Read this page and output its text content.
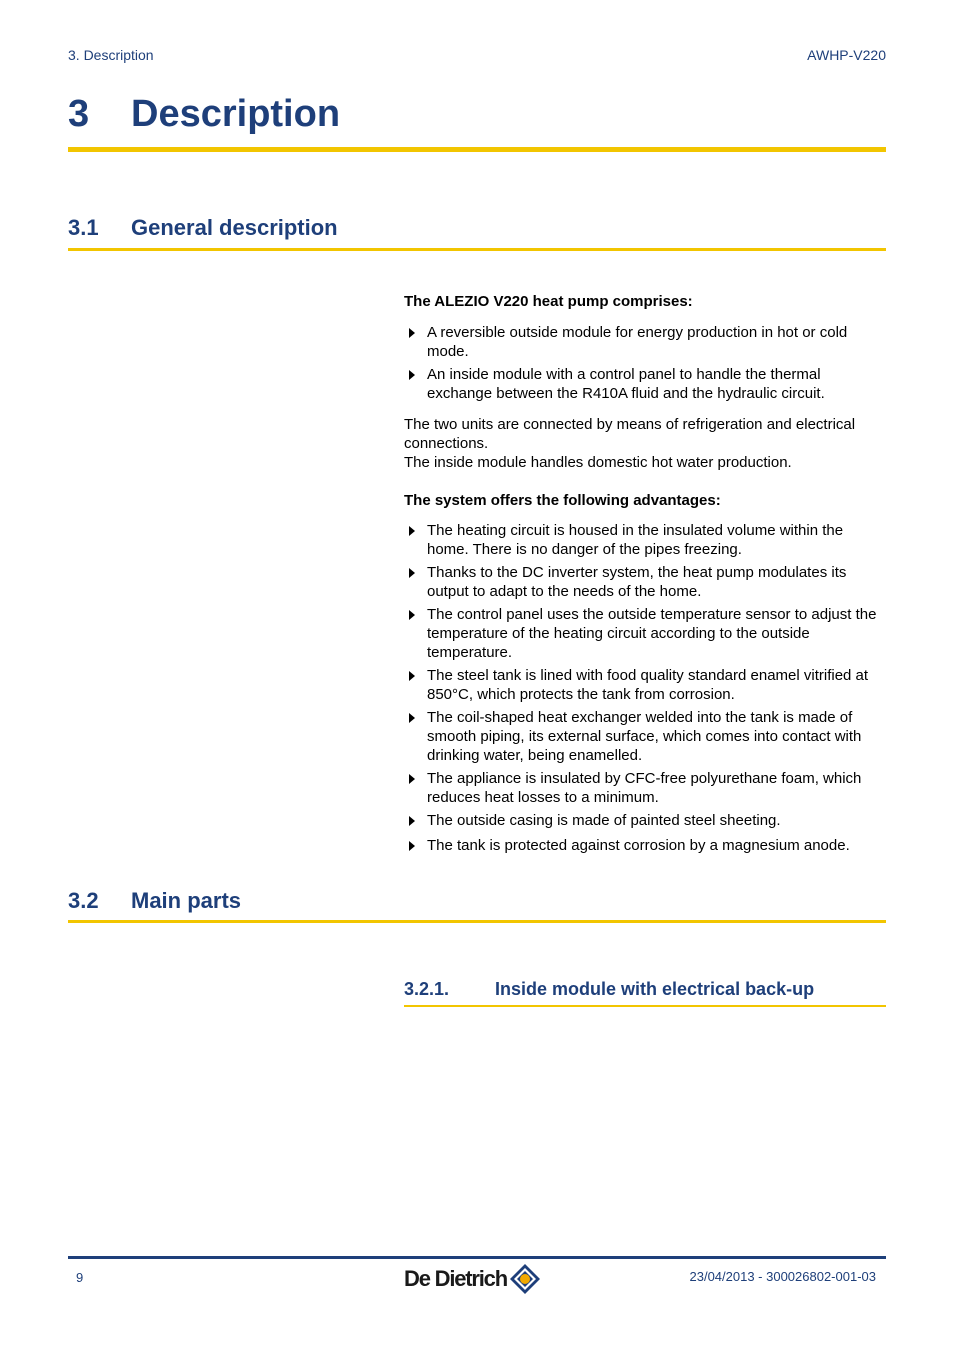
3. Description	AWHP-V220
3 Description
3.1 General description

The ALEZIO V220 heat pump comprises:

A reversible outside module for energy production in hot or cold mode.
An inside module with a control panel to handle the thermal exchange between the R410A fluid and the hydraulic circuit.

The two units are connected by means of refrigeration and electrical connections.

The inside module handles domestic hot water production.

The system offers the following advantages:

The heating circuit is housed in the insulated volume within the home. There is no danger of the pipes freezing.
Thanks to the DC inverter system, the heat pump modulates its output to adapt to the needs of the home.
The control panel uses the outside temperature sensor to adjust the temperature of the heating circuit according to the outside temperature.
The steel tank is lined with food quality standard enamel vitrified at 850°C, which protects the tank from corrosion.
The coil-shaped heat exchanger welded into the tank is made of smooth piping, its external surface, which comes into contact with drinking water, being enamelled.
The appliance is insulated by CFC-free polyurethane foam, which reduces heat losses to a minimum.
The outside casing is made of painted steel sheeting.
The tank is protected against corrosion by a magnesium anode.
3.2 Main parts
3.2.1.	Inside module with electrical back-up
9	De Dietrich	23/04/2013 - 300026802-001-03
